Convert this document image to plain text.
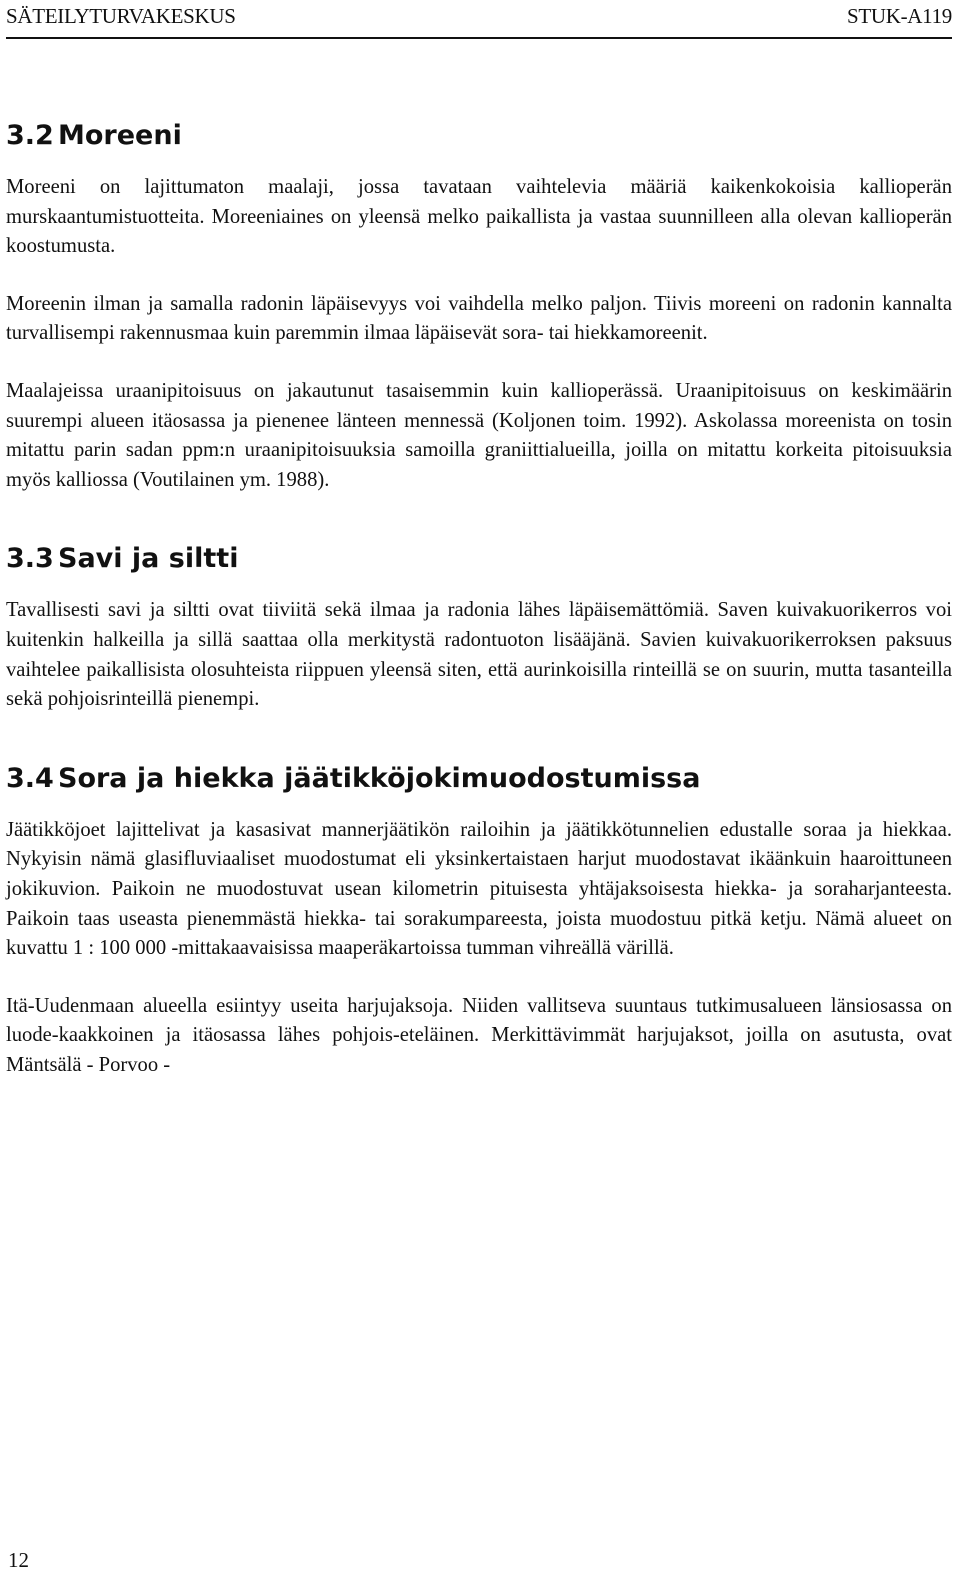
SÄTEILYTURVAKESKUS	STUK-A119
3.2 Moreeni

Moreeni on lajittumaton maalaji, jossa tavataan vaihtelevia määriä kaikenkokoisia kallioperän murskaantumistuotteita. Moreeniaines on yleensä melko paikallista ja vastaa suunnilleen alla olevan kallioperän koostumusta.

Moreenin ilman ja samalla radonin läpäisevyys voi vaihdella melko paljon. Tiivis moreeni on radonin kannalta turvallisempi rakennusmaa kuin paremmin ilmaa läpäisevät sora- tai hiekkamoreenit.

Maalajeissa uraanipitoisuus on jakautunut tasaisemmin kuin kallioperässä. Uraanipitoisuus on keskimäärin suurempi alueen itäosassa ja pienenee länteen mennessä (Koljonen toim. 1992). Askolassa moreenista on tosin mitattu parin sadan ppm:n uraanipitoisuuksia samoilla graniittialueilla, joilla on mitattu korkeita pitoisuuksia myös kalliossa (Voutilainen ym. 1988).

3.3 Savi ja siltti

Tavallisesti savi ja siltti ovat tiiviitä sekä ilmaa ja radonia lähes läpäisemättömiä. Saven kuivakuorikerros voi kuitenkin halkeilla ja sillä saattaa olla merkitystä radontuoton lisääjänä. Savien kuivakuorikerroksen paksuus vaihtelee paikallisista olosuhteista riippuen yleensä siten, että aurinkoisilla rinteillä se on suurin, mutta tasanteilla sekä pohjoisrinteillä pienempi.

3.4 Sora ja hiekka jäätikköjokimuodostumissa

Jäätikköjoet lajittelivat ja kasasivat mannerjäätikön railoihin ja jäätikkötunnelien edustalle soraa ja hiekkaa. Nykyisin nämä glasifluviaaliset muodostumat eli yksinkertaistaen harjut muodostavat ikäänkuin haaroittuneen jokikuvion. Paikoin ne muodostuvat usean kilometrin pituisesta yhtäjaksoisesta hiekka- ja soraharjanteesta. Paikoin taas useasta pienemmästä hiekka- tai sorakumpareesta, joista muodostuu pitkä ketju. Nämä alueet on kuvattu 1 : 100 000 -mittakaavaisissa maaperäkartoissa tumman vihreällä värillä.

Itä-Uudenmaan alueella esiintyy useita harjujaksoja. Niiden vallitseva suuntaus tutkimusalueen länsiosassa on luode-kaakkoinen ja itäosassa lähes pohjois-eteläinen. Merkittävimmät harjujaksot, joilla on asutusta, ovat Mäntsälä - Porvoo -

12
